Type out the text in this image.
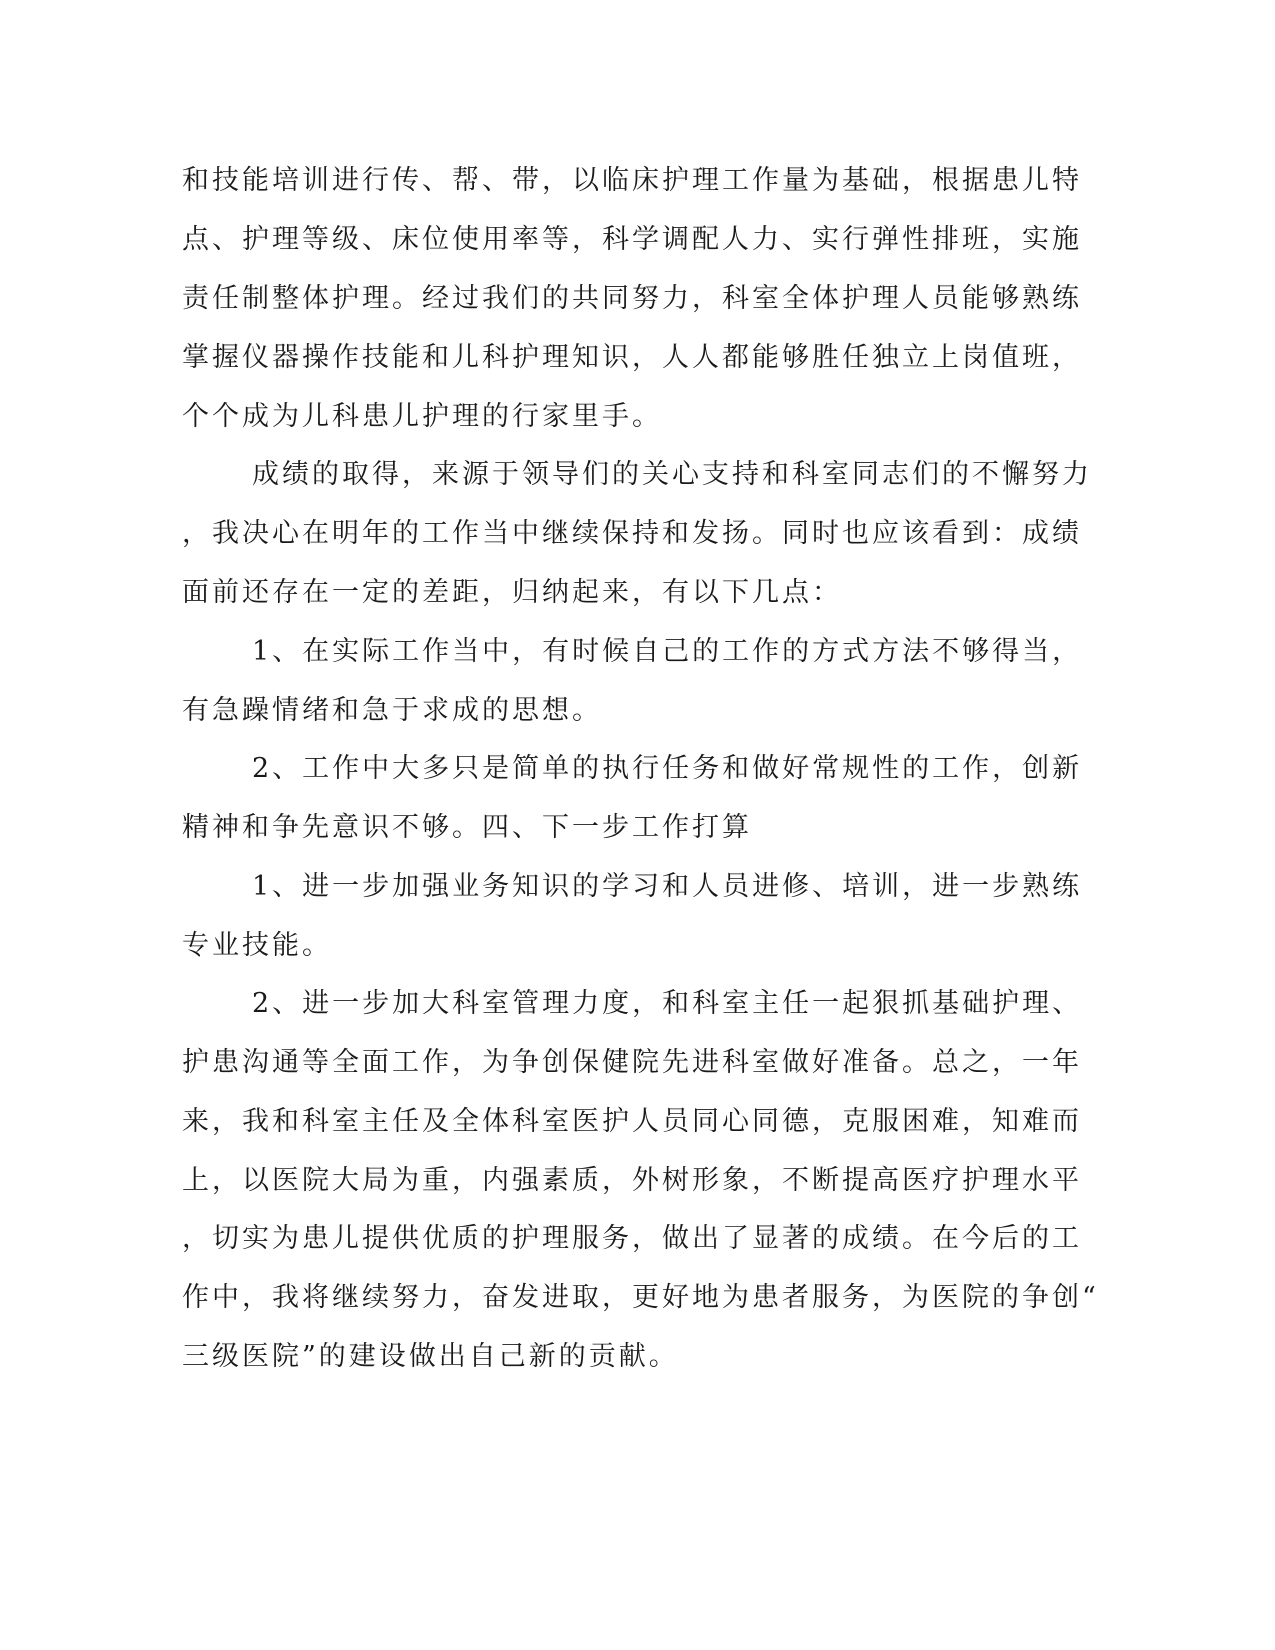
和技能培训进行传、帮、带，以临床护理工作量为基础，根据患儿特

点、护理等级、床位使用率等，科学调配人力、实行弹性排班，实施

责任制整体护理。经过我们的共同努力，科室全体护理人员能够熟练

掌握仪器操作技能和儿科护理知识，人人都能够胜任独立上岗值班，

个个成为儿科患儿护理的行家里手。

成绩的取得，来源于领导们的关心支持和科室同志们的不懈努力

，我决心在明年的工作当中继续保持和发扬。同时也应该看到：成绩

面前还存在一定的差距，归纳起来，有以下几点：

1、在实际工作当中，有时候自己的工作的方式方法不够得当，

有急躁情绪和急于求成的思想。

2、工作中大多只是简单的执行任务和做好常规性的工作，创新

精神和争先意识不够。四、下一步工作打算

1、进一步加强业务知识的学习和人员进修、培训，进一步熟练

专业技能。

2、进一步加大科室管理力度，和科室主任一起狠抓基础护理、

护患沟通等全面工作，为争创保健院先进科室做好准备。总之，一年

来，我和科室主任及全体科室医护人员同心同德，克服困难，知难而

上，以医院大局为重，内强素质，外树形象，不断提高医疗护理水平

，切实为患儿提供优质的护理服务，做出了显著的成绩。在今后的工

作中，我将继续努力，奋发进取，更好地为患者服务，为医院的争创“

三级医院”的建设做出自己新的贡献。
